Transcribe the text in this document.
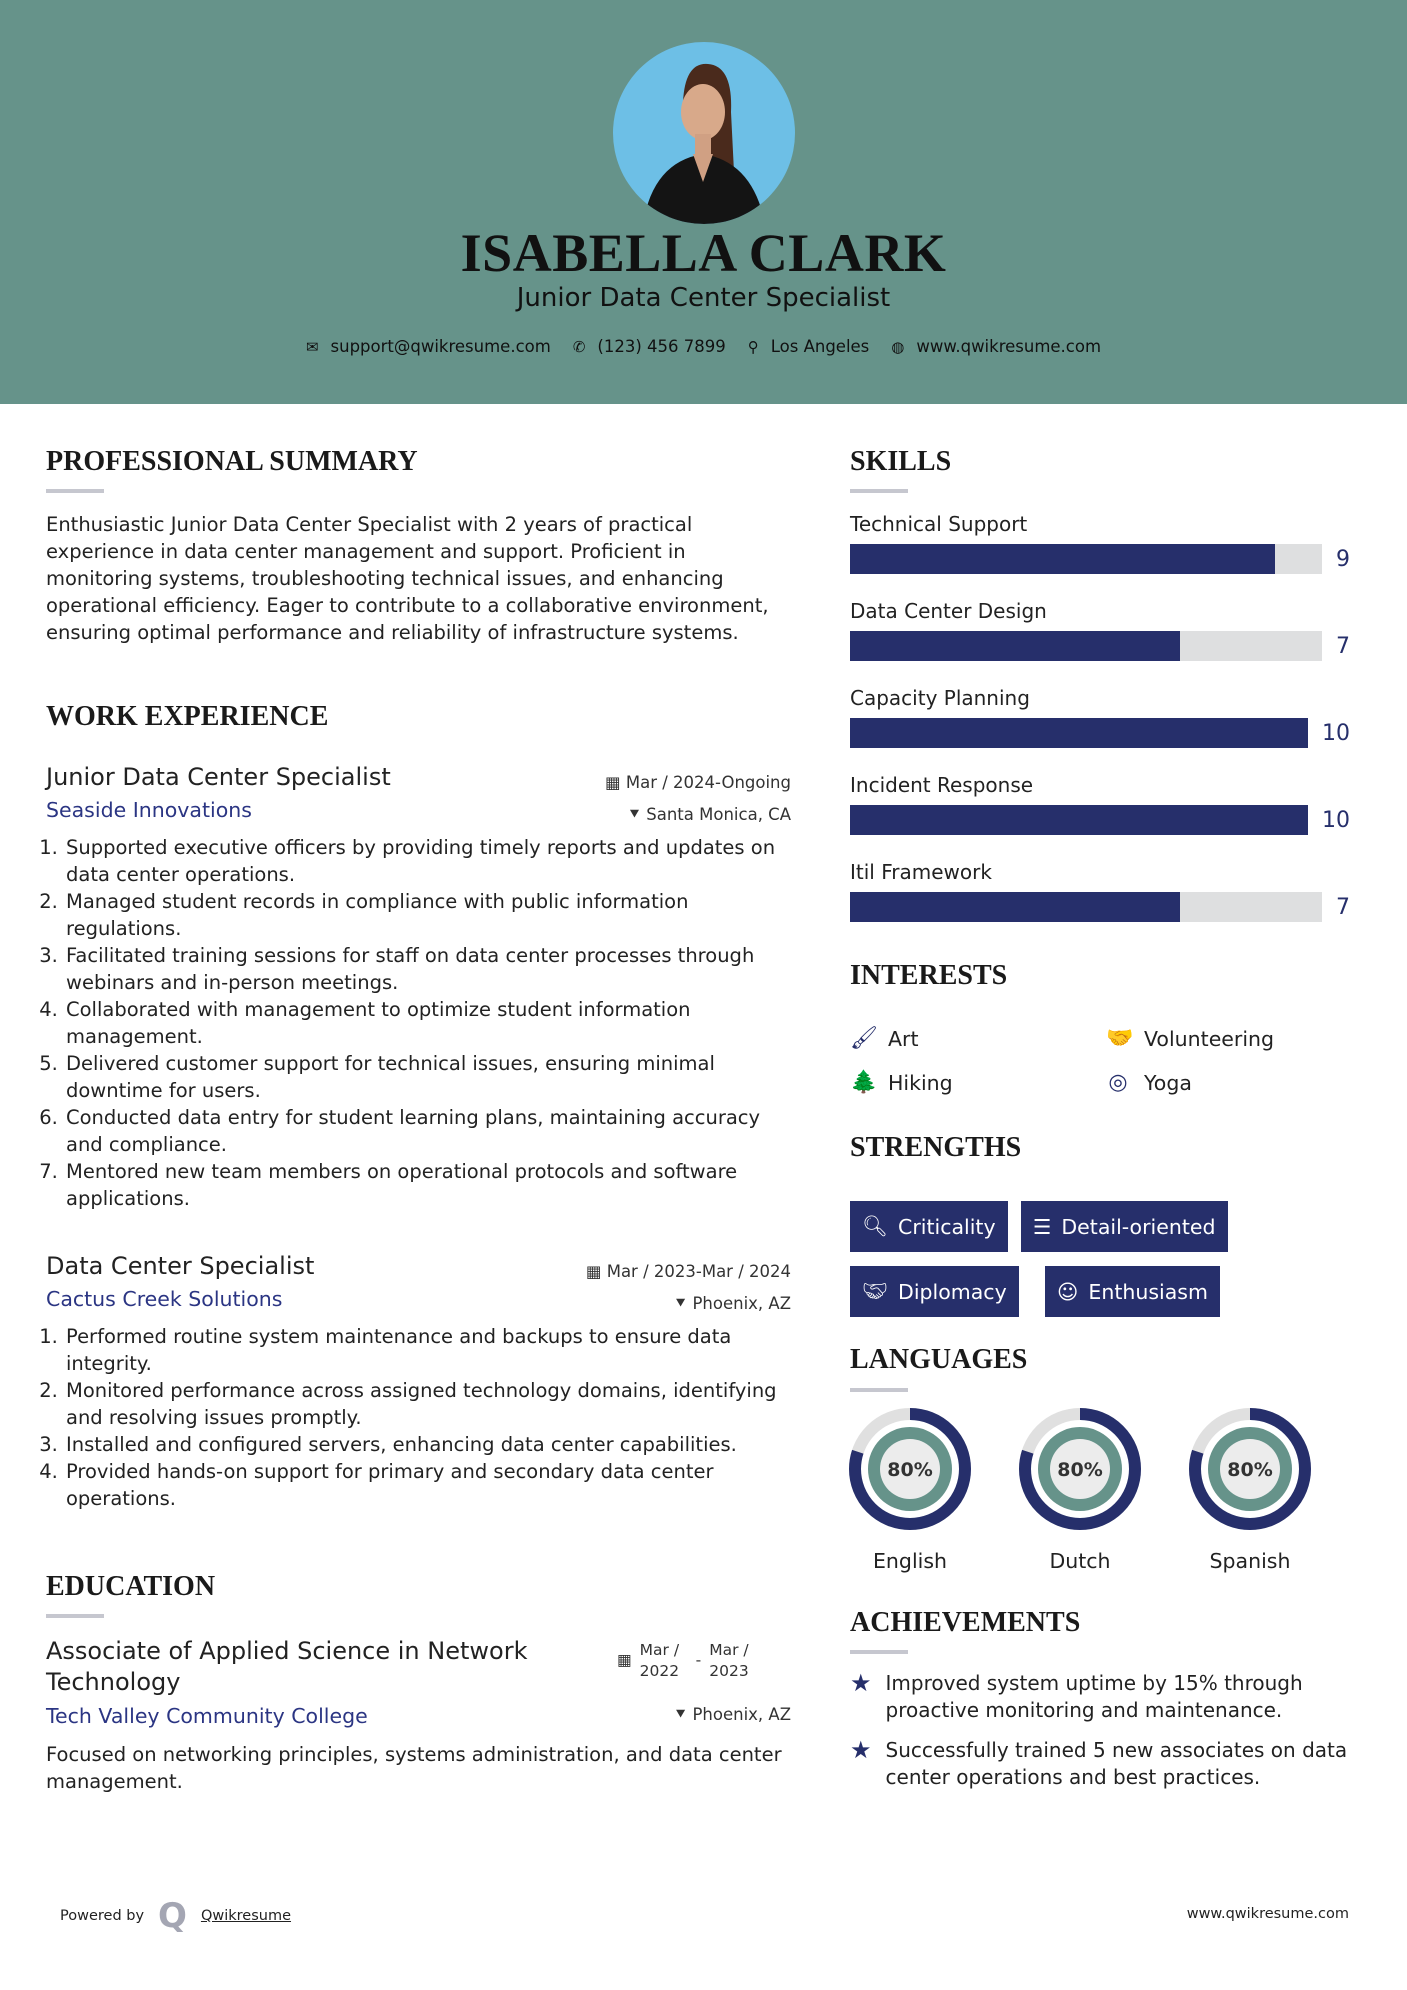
ISABELLA CLARK
Junior Data Center Specialist
✉ support@qwikresume.com ✆ (123) 456 7899 ⚲ Los Angeles ◍ www.qwikresume.com
PROFESSIONAL SUMMARY
Enthusiastic Junior Data Center Specialist with 2 years of practical experience in data center management and support. Proficient in monitoring systems, troubleshooting technical issues, and enhancing operational efficiency. Eager to contribute to a collaborative environment, ensuring optimal performance and reliability of infrastructure systems.
WORK EXPERIENCE
Junior Data Center Specialist
Seaside Innovations
▦ Mar / 2024-Ongoing
⯆ Santa Monica, CA
1. Supported executive officers by providing timely reports and updates on data center operations.
2. Managed student records in compliance with public information regulations.
3. Facilitated training sessions for staff on data center processes through webinars and in-person meetings.
4. Collaborated with management to optimize student information management.
5. Delivered customer support for technical issues, ensuring minimal downtime for users.
6. Conducted data entry for student learning plans, maintaining accuracy and compliance.
7. Mentored new team members on operational protocols and software applications.
Data Center Specialist
Cactus Creek Solutions
▦ Mar / 2023-Mar / 2024
⯆ Phoenix, AZ
1. Performed routine system maintenance and backups to ensure data integrity.
2. Monitored performance across assigned technology domains, identifying and resolving issues promptly.
3. Installed and configured servers, enhancing data center capabilities.
4. Provided hands-on support for primary and secondary data center operations.
EDUCATION
Associate of Applied Science in Network Technology
▦
Mar / 2022
-
Mar / 2023
Tech Valley Community College	⯆ Phoenix, AZ
Focused on networking principles, systems administration, and data center management.
SKILLS
Technical Support
9
Data Center Design
7
Capacity Planning
10
Incident Response
10
Itil Framework
7
INTERESTS
🖌 Art	🤝 Volunteering
🌲 Hiking	◎ Yoga
STRENGTHS
🔍︎ Criticality ☰ Detail-oriented
🤝︎ Diplomacy ☺ Enthusiasm
LANGUAGES
80%
English
80%
Dutch
80%
Spanish
ACHIEVEMENTS
★ Improved system uptime by 15% through proactive monitoring and maintenance.
★ Successfully trained 5 new associates on data center operations and best practices.
Powered by Q Qwikresume	www.qwikresume.com
